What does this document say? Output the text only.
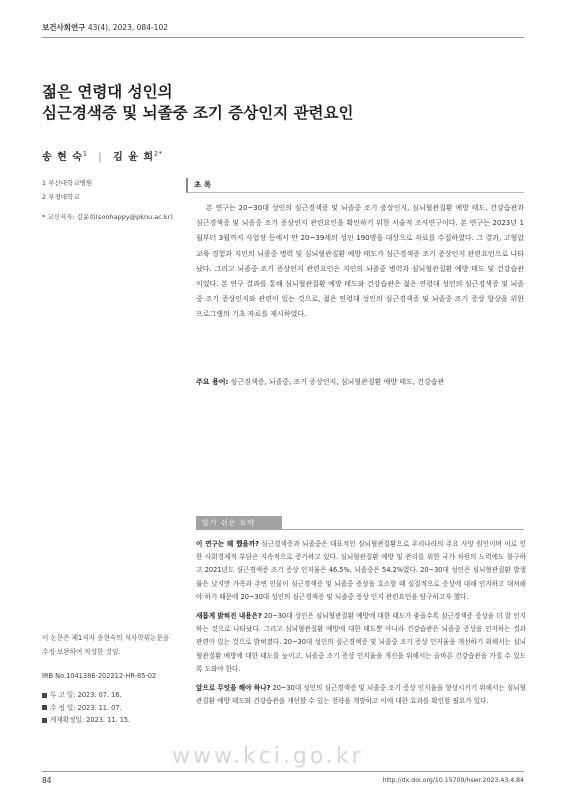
보건사회연구 43(4), 2023, 084-102
젊은 연령대 성인의
심근경색증 및 뇌졸중 조기 증상인지 관련요인
송 현 숙$^1$ | 김 윤 희$^{2*}$
1 부산대학교병원
2 부경대학교
* 교신저자: 김윤희(soohappy@pknu.ac.kr)
초 록
본 연구는 20~30대 성인의 심근경색증 및 뇌졸중 조기 증상인지, 심뇌혈관질환 예방 태도, 건강습관과 심근경색증 및 뇌졸중 조기 증상인지 관련요인을 확인하기 위한 서술적 조사연구이다. 본 연구는 2023년 1월부터 3월까지 사업장 등에서 만 20~39세의 성인 190명을 대상으로 자료를 수집하였다. 그 결과, 고혈압 교육 경험과 지인의 뇌졸중 병력 및 심뇌혈관질환 예방 태도가 심근경색증 조기 증상인지 관련요인으로 나타났다. 그리고 뇌졸중 조기 증상인지 관련요인은 지인의 뇌졸중 병력과 심뇌혈관질환 예방 태도 및 건강습관이었다. 본 연구 결과를 통해 심뇌혈관질환 예방 태도와 건강습관은 젊은 연령대 성인의 심근경색증 및 뇌졸중 조기 증상인지와 관련이 있는 것으로, 젊은 연령대 성인의 심근경색증 및 뇌졸중 조기 증상 향상을 위한 프로그램의 기초 자료를 제시하였다.
주요 용어: 심근경색증, 뇌졸중, 조기 증상인지, 심뇌혈관질환 예방 태도, 건강습관
알기 쉬운 요약

이 연구는 왜 했을까? 심근경색증과 뇌졸중은 대표적인 심뇌혈관질환으로 우리나라의 주요 사망 원인이며 이로 인한 사회경제적 부담은 지속적으로 증가하고 있다. 심뇌혈관질환 예방 및 관리를 위한 국가 차원의 노력에도 불구하고 2021년도 심근경색증 조기 증상 인지율은 46.5%, 뇌졸중은 54.2%였다. 20~30대 성인은 심뇌혈관질환 발생률은 낮지만 가족과 주변 인물이 심근경색증 및 뇌졸중 증상을 호소할 때 실질적으로 증상에 대해 인지하고 대처해야 하기 때문에 20~30대 성인의 심근경색증 및 뇌졸중 증상 인지 관련요인을 탐구하고자 했다.

새롭게 밝혀진 내용은? 20~30대 성인은 심뇌혈관질환 예방에 대한 태도가 좋을수록 심근경색증 증상을 더 잘 인지하는 것으로 나타났다. 그리고 심뇌혈관질환 예방에 대한 태도뿐 아니라 건강습관은 뇌졸중 증상을 인지하는 것과 관련이 있는 것으로 밝혀졌다. 20~30대 성인의 심근경색증 및 뇌졸중 조기 증상 인지율을 개선하기 위해서는 심뇌혈관질환 예방에 대한 태도를 높이고, 뇌졸중 조기 증상 인지율을 개선을 위해서는 올바른 건강습관을 가질 수 있도록 도와야 한다.

앞으로 무엇을 해야 하나? 20~30대 성인의 심근경색증 및 뇌졸중 조기 증상 인지율을 향상시키기 위해서는 심뇌혈관질환 예방 태도와 건강습관을 개선할 수 있는 전략을 개발하고 이에 대한 효과를 확인할 필요가 있다.

이 논문은 제1저자 송현숙의 석사학위논문을 수정·보완하여 작성한 것임.
IRB No.1041386-202212-HR-85-02
투 고 일: 2023. 07. 16.
수 정 일: 2023. 11. 07.
게재확정일: 2023. 11. 15.
www.kci.go.kr
84	http://dx.doi.org/10.15709/hswr.2023.43.4.84
